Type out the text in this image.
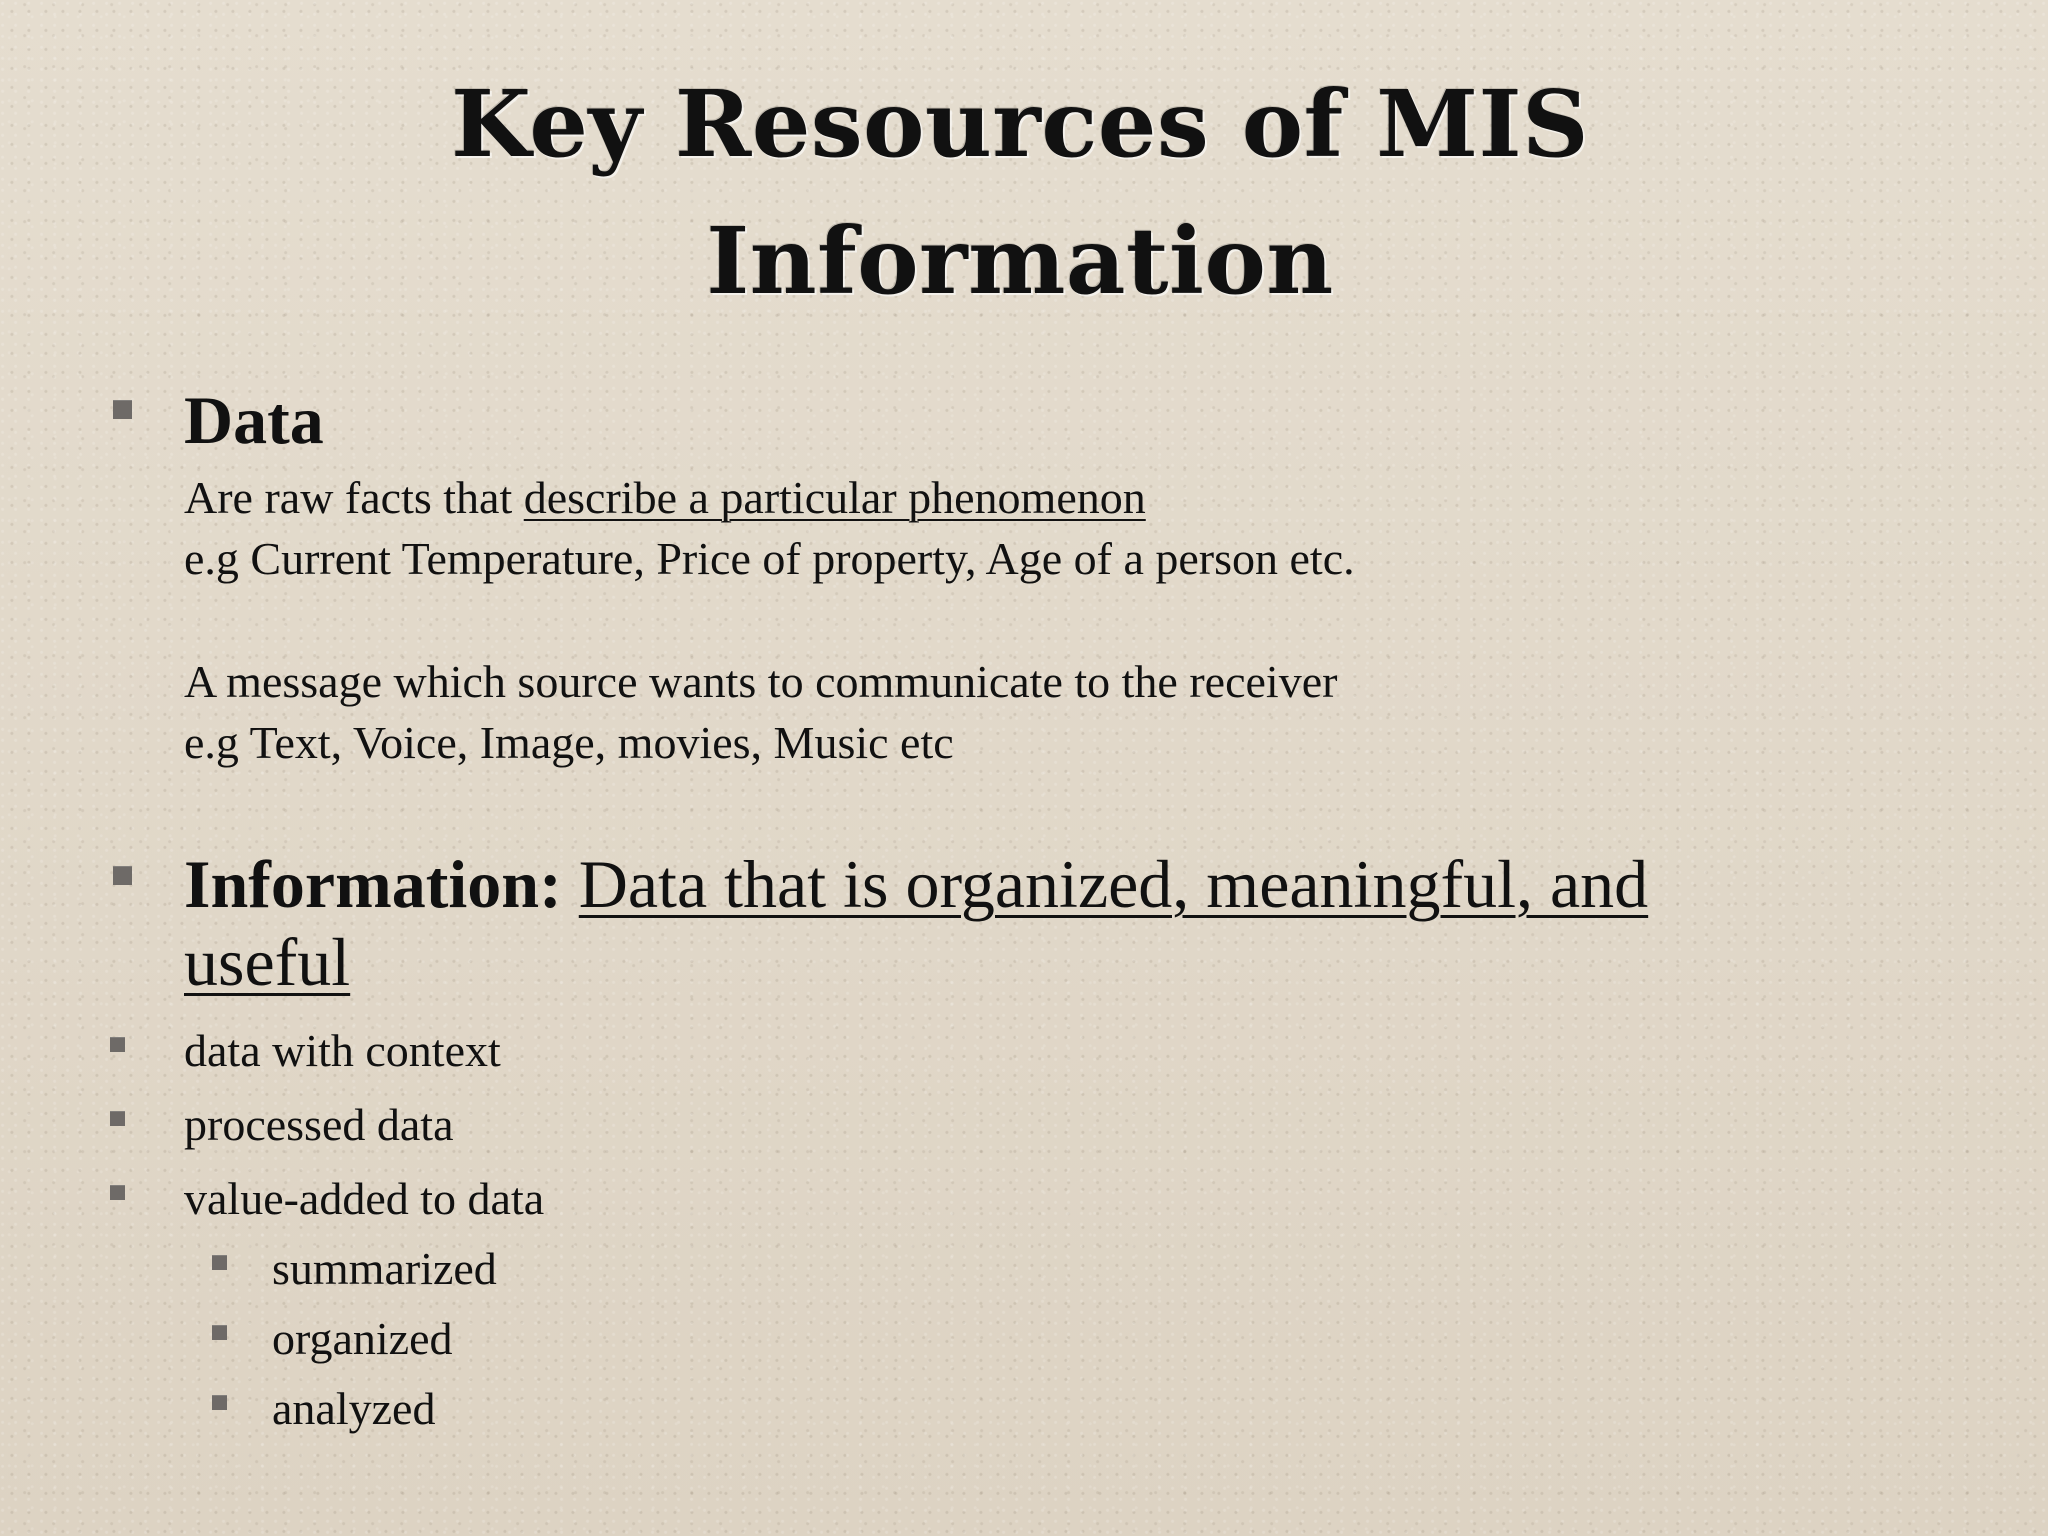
Key Resources of MIS
Information
Data
Are raw facts that describe a particular phenomenon
e.g Current Temperature, Price of property, Age of a person etc.
A message which source wants to communicate to the receiver
e.g Text, Voice, Image, movies, Music etc
Information: Data that is organized, meaningful, and
useful
data with context
processed data
value-added to data
summarized
organized
analyzed
